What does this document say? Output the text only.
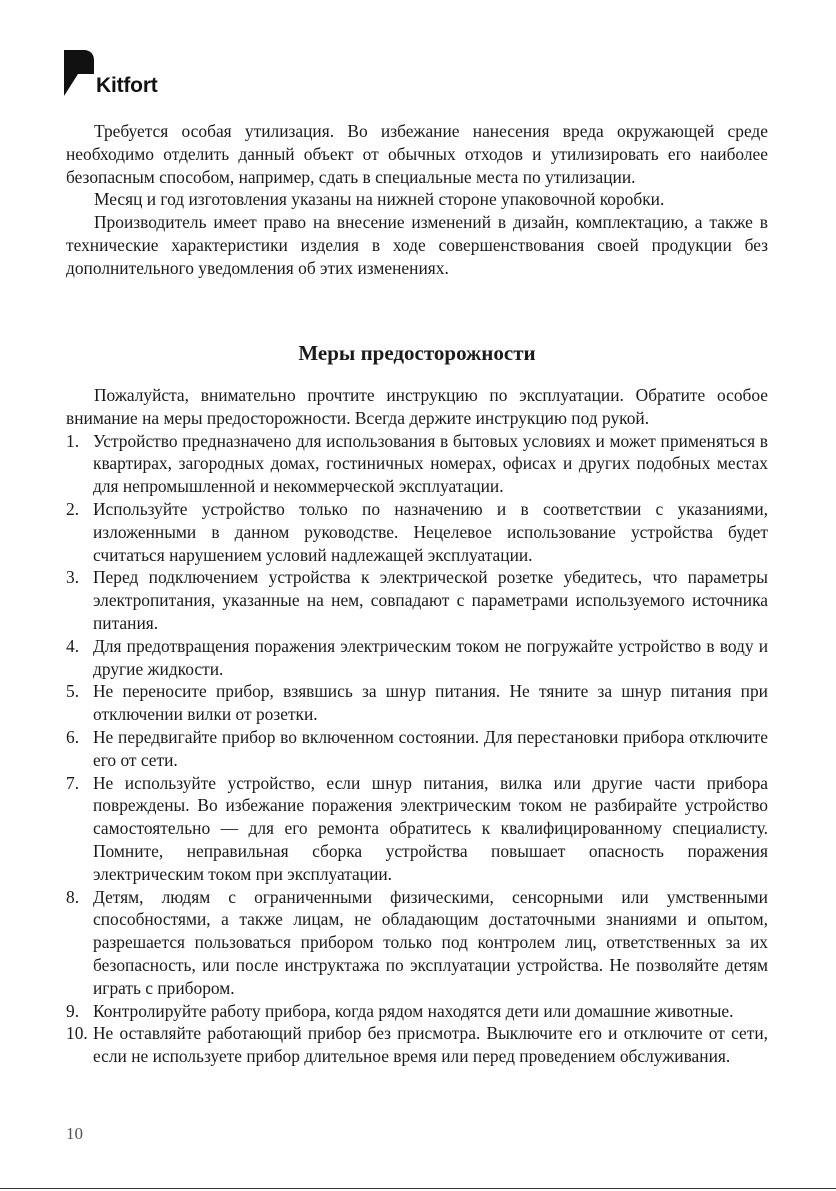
Kitfort

Требуется особая утилизация. Во избежание нанесения вреда окружающей среде необходимо отделить данный объект от обычных отходов и утилизировать его наиболее безопасным способом, например, сдать в специальные места по утилизации.

Месяц и год изготовления указаны на нижней стороне упаковочной коробки.

Производитель имеет право на внесение изменений в дизайн, комплектацию, а также в технические характеристики изделия в ходе совершенствования своей продукции без дополнительного уведомления об этих изменениях.

Меры предосторожности

Пожалуйста, внимательно прочтите инструкцию по эксплуатации. Обратите особое внимание на меры предосторожности. Всегда держите инструкцию под рукой.

1. Устройство предназначено для использования в бытовых условиях и может применяться в квартирах, загородных домах, гостиничных номерах, офисах и других подобных местах для непромышленной и некоммерческой эксплуатации.
2. Используйте устройство только по назначению и в соответствии с указаниями, изложенными в данном руководстве. Нецелевое использование устройства будет считаться нарушением условий надлежащей эксплуатации.
3. Перед подключением устройства к электрической розетке убедитесь, что параметры электропитания, указанные на нем, совпадают с параметрами используемого источника питания.
4. Для предотвращения поражения электрическим током не погружайте устройство в воду и другие жидкости.
5. Не переносите прибор, взявшись за шнур питания. Не тяните за шнур питания при отключении вилки от розетки.
6. Не передвигайте прибор во включенном состоянии. Для перестановки прибора отключите его от сети.
7. Не используйте устройство, если шнур питания, вилка или другие части прибора повреждены. Во избежание поражения электрическим током не разбирайте устройство самостоятельно — для его ремонта обратитесь к квалифицированному специалисту. Помните, неправильная сборка устройства повышает опасность поражения электрическим током при эксплуатации.
8. Детям, людям с ограниченными физическими, сенсорными или умственными способностями, а также лицам, не обладающим достаточными знаниями и опытом, разрешается пользоваться прибором только под контролем лиц, ответственных за их безопасность, или после инструктажа по эксплуатации устройства. Не позволяйте детям играть с прибором.
9. Контролируйте работу прибора, когда рядом находятся дети или домашние животные.
10. Не оставляйте работающий прибор без присмотра. Выключите его и отключите от сети, если не используете прибор длительное время или перед проведением обслуживания.
10
